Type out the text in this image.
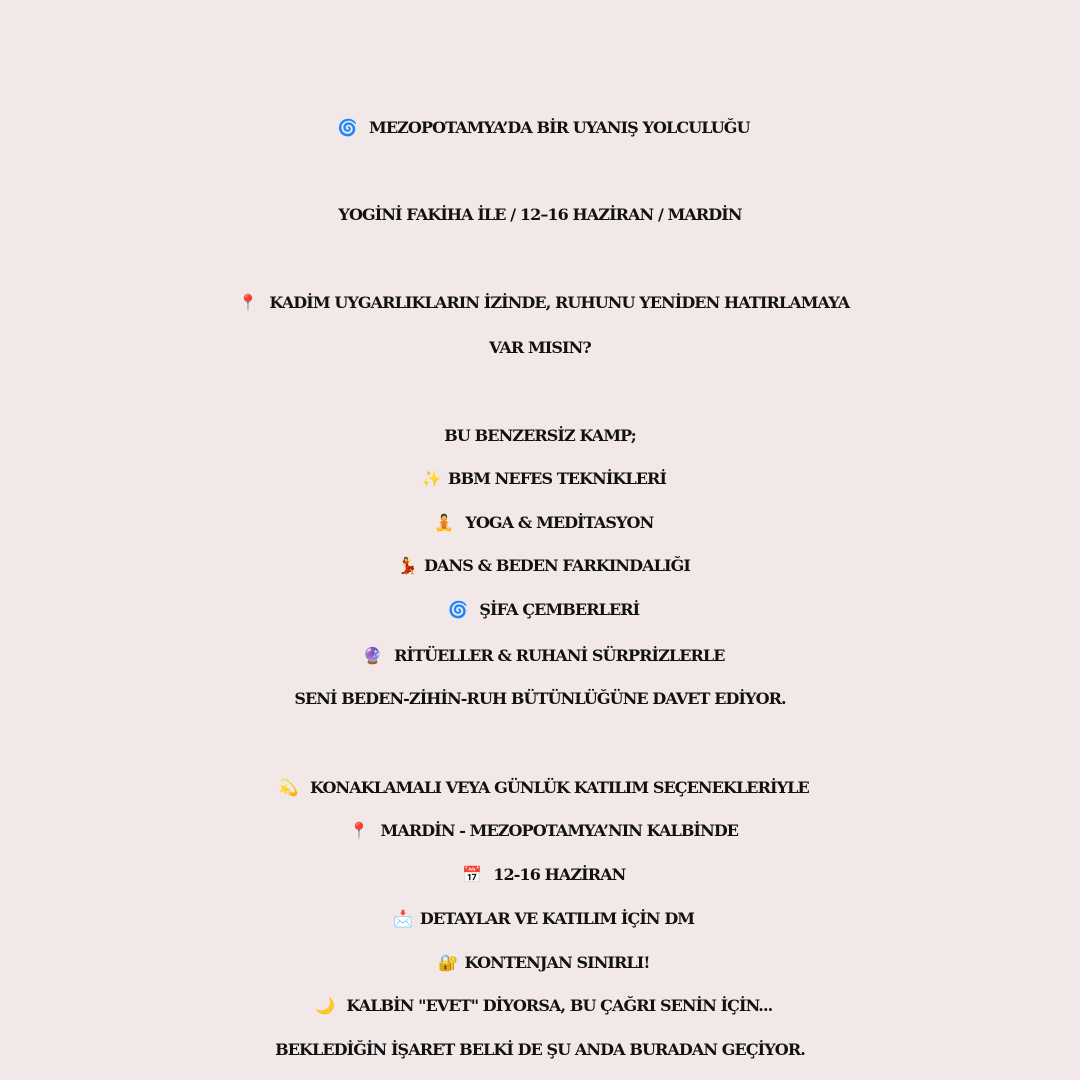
🌀 MEZOPOTAMYA’DA BİR UYANIŞ YOLCULUĞU
YOGİNİ FAKİHA İLE / 12–16 HAZİRAN / MARDİN
📍 KADİM UYGARLIKLARIN İZİNDE, RUHUNU YENİDEN HATIRLAMAYA
VAR MISIN?
BU BENZERSİZ KAMP;
✨ BBM NEFES TEKNİKLERİ
🧘 YOGA & MEDİTASYON
💃 DANS & BEDEN FARKINDALIĞI
🌀 ŞİFA ÇEMBERLERİ
🔮 RİTÜELLER & RUHANİ SÜRPRİZLERLE
SENİ BEDEN-ZİHİN-RUH BÜTÜNLÜĞÜNE DAVET EDİYOR.
💫 KONAKLAMALI VEYA GÜNLÜK KATILIM SEÇENEKLERİYLE
📍 MARDİN - MEZOPOTAMYA’NIN KALBİNDE
📅 12-16 HAZİRAN
📩 DETAYLAR VE KATILIM İÇİN DM
🔐 KONTENJAN SINIRLI!
🌙 KALBİN "EVET" DİYORSA, BU ÇAĞRI SENİN İÇİN...
BEKLEDİĞİN İŞARET BELKİ DE ŞU ANDA BURADAN GEÇİYOR.
